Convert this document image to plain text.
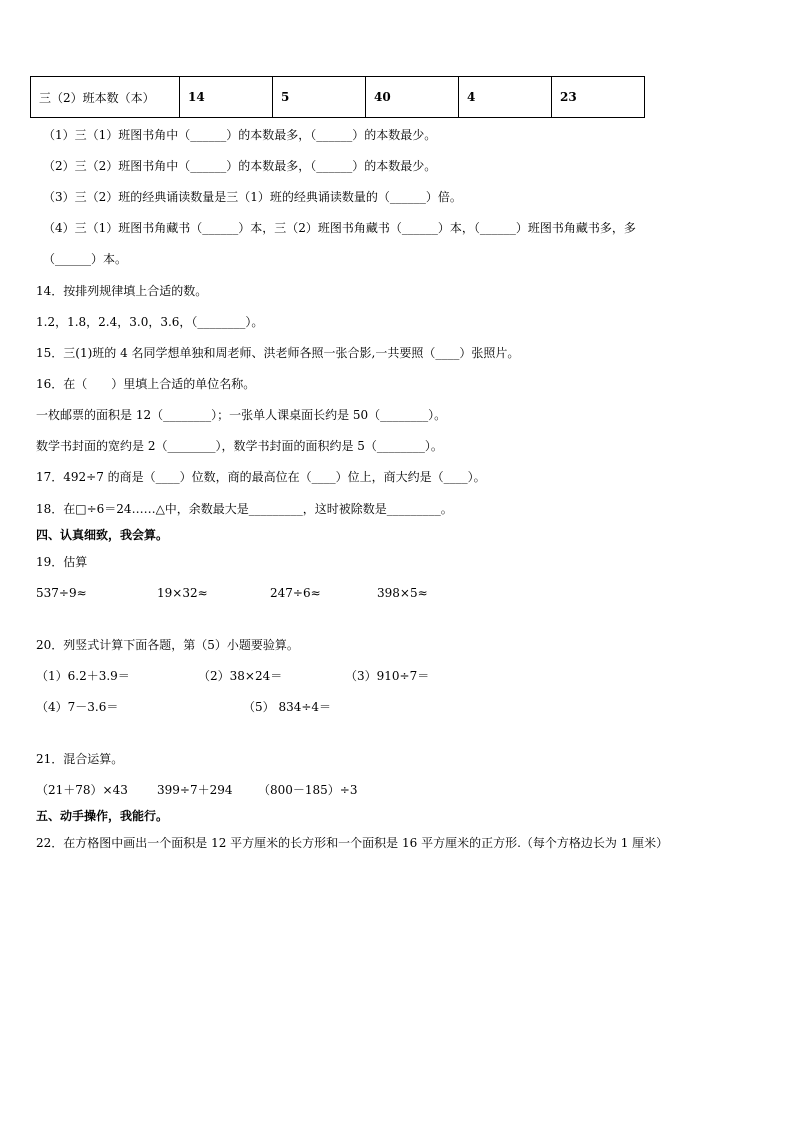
三（2）班本数（本）	14	5	40	4	23
（1）三（1）班图书角中（______）的本数最多，（______）的本数最少。
（2）三（2）班图书角中（______）的本数最多，（______）的本数最少。
（3）三（2）班的经典诵读数量是三（1）班的经典诵读数量的（______）倍。
（4）三（1）班图书角藏书（______）本，三（2）班图书角藏书（______）本，（______）班图书角藏书多，多
（______）本。
14．按排列规律填上合适的数。
1.2，1.8，2.4，3.0，3.6，（________）。
15．三(1)班的 4 名同学想单独和周老师、洪老师各照一张合影,一共要照（____）张照片。
16．在（　　）里填上合适的单位名称。
一枚邮票的面积是 12（________）；一张单人课桌面长约是 50（________）。
数学书封面的宽约是 2（________），数学书封面的面积约是 5（________）。
17．492÷7 的商是（____）位数，商的最高位在（____）位上，商大约是（____）。
18．在□÷6＝24……△中，余数最大是_________，这时被除数是_________。
四、认真细致，我会算。
19．估算
537÷9≈	19×32≈	247÷6≈	398×5≈
20．列竖式计算下面各题，第（5）小题要验算。
（1）6.2＋3.9＝	（2）38×24＝	（3）910÷7＝
（4）7－3.6＝	（5） 834÷4＝
21．混合运算。
（21＋78）×43 399÷7＋294 （800－185）÷3
五、动手操作，我能行。
22．在方格图中画出一个面积是 12 平方厘米的长方形和一个面积是 16 平方厘米的正方形.（每个方格边长为 1 厘米）
